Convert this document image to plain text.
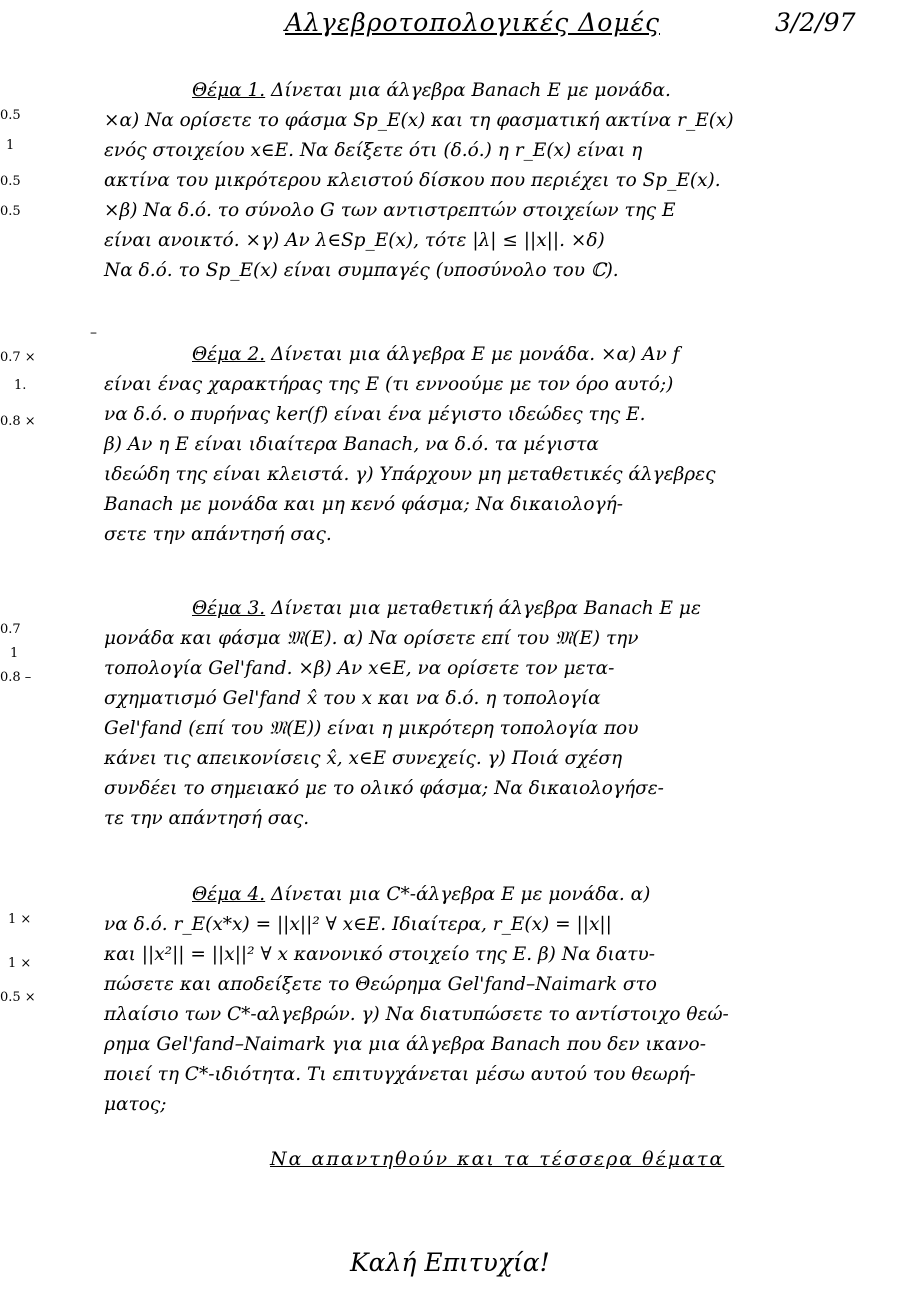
Αλγεβροτοπολογικές Δομές	3/2/97
0.5
1
0.5
0.5
Θέμα 1. Δίνεται μια άλγεβρα Banach E με μονάδα.
×α) Να ορίσετε το φάσμα Sp_E(x) και τη φασματική ακτίνα r_E(x)
ενός στοιχείου x∈E. Να δείξετε ότι (δ.ό.) η r_E(x) είναι η
ακτίνα του μικρότερου κλειστού δίσκου που περιέχει το Sp_E(x).
×β) Να δ.ό. το σύνολο G των αντιστρεπτών στοιχείων της E
είναι ανοικτό. ×γ) Αν λ∈Sp_E(x), τότε |λ| ≤ ||x||. ×δ)
Να δ.ό. το Sp_E(x) είναι συμπαγές (υποσύνολο του ℂ).
–
0.7 ×
1.
0.8 ×
Θέμα 2. Δίνεται μια άλγεβρα E με μονάδα. ×α) Αν f
είναι ένας χαρακτήρας της E (τι εννοούμε με τον όρο αυτό;)
να δ.ό. ο πυρήνας ker(f) είναι ένα μέγιστο ιδεώδες της E.
β) Αν η E είναι ιδιαίτερα Banach, να δ.ό. τα μέγιστα
ιδεώδη της είναι κλειστά. γ) Υπάρχουν μη μεταθετικές άλγεβρες
Banach με μονάδα και μη κενό φάσμα; Να δικαιολογή-
σετε την απάντησή σας.
0.7
1
0.8 –
Θέμα 3. Δίνεται μια μεταθετική άλγεβρα Banach E με
μονάδα και φάσμα 𝔐(E). α) Να ορίσετε επί του 𝔐(E) την
τοπολογία Gel'fand. ×β) Αν x∈E, να ορίσετε τον μετα-
σχηματισμό Gel'fand x̂ του x και να δ.ό. η τοπολογία
Gel'fand (επί του 𝔐(E)) είναι η μικρότερη τοπολογία που
κάνει τις απεικονίσεις x̂, x∈E συνεχείς. γ) Ποιά σχέση
συνδέει το σημειακό με το ολικό φάσμα; Να δικαιολογήσε-
τε την απάντησή σας.
1 ×
1 ×
0.5 ×
Θέμα 4. Δίνεται μια C*-άλγεβρα E με μονάδα. α)
να δ.ό. r_E(x*x) = ||x||² ∀ x∈E. Ιδιαίτερα, r_E(x) = ||x||
και ||x²|| = ||x||² ∀ x κανονικό στοιχείο της E. β) Να διατυ-
πώσετε και αποδείξετε το Θεώρημα Gel'fand–Naimark στο
πλαίσιο των C*-αλγεβρών. γ) Να διατυπώσετε το αντίστοιχο θεώ-
ρημα Gel'fand–Naimark για μια άλγεβρα Banach που δεν ικανο-
ποιεί τη C*-ιδιότητα. Τι επιτυγχάνεται μέσω αυτού του θεωρή-
ματος;
Να απαντηθούν και τα τέσσερα θέματα
Καλή Επιτυχία!
